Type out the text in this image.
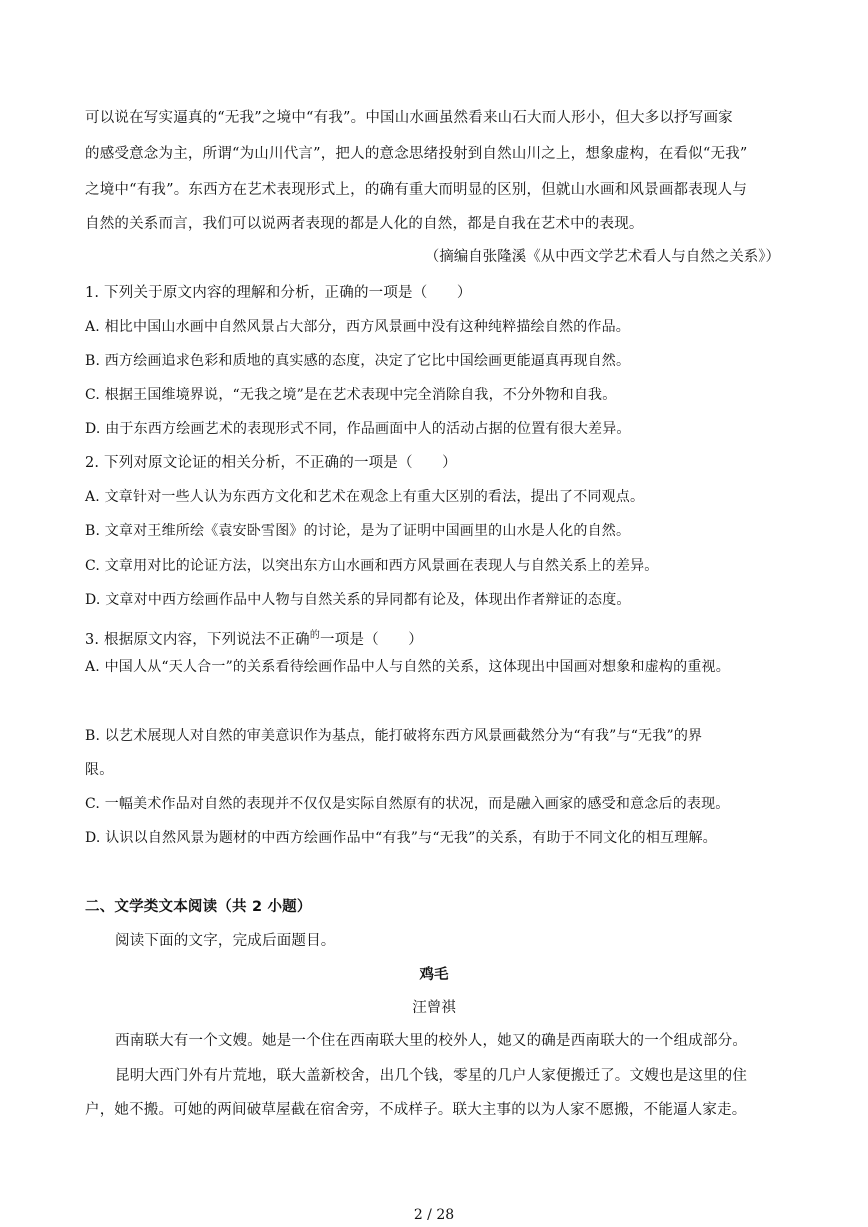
可以说在写实逼真的“无我”之境中“有我”。中国山水画虽然看来山石大而人形小，但大多以抒写画家
的感受意念为主，所谓“为山川代言”，把人的意念思绪投射到自然山川之上，想象虚构，在看似“无我”
之境中“有我”。东西方在艺术表现形式上，的确有重大而明显的区别，但就山水画和风景画都表现人与
自然的关系而言，我们可以说两者表现的都是人化的自然，都是自我在艺术中的表现。
（摘编自张隆溪《从中西文学艺术看人与自然之关系》）
1. 下列关于原文内容的理解和分析，正确的一项是（　　）
A. 相比中国山水画中自然风景占大部分，西方风景画中没有这种纯粹描绘自然的作品。
B. 西方绘画追求色彩和质地的真实感的态度，决定了它比中国绘画更能逼真再现自然。
C. 根据王国维境界说，“无我之境”是在艺术表现中完全消除自我，不分外物和自我。
D. 由于东西方绘画艺术的表现形式不同，作品画面中人的活动占据的位置有很大差异。
2. 下列对原文论证的相关分析，不正确的一项是（　　）
A. 文章针对一些人认为东西方文化和艺术在观念上有重大区别的看法，提出了不同观点。
B. 文章对王维所绘《袁安卧雪图》的讨论，是为了证明中国画里的山水是人化的自然。
C. 文章用对比的论证方法，以突出东方山水画和西方风景画在表现人与自然关系上的差异。
D. 文章对中西方绘画作品中人物与自然关系的异同都有论及，体现出作者辩证的态度。
3. 根据原文内容，下列说法不正确$^的$一项是（　　）
A. 中国人从“天人合一”的关系看待绘画作品中人与自然的关系，这体现出中国画对想象和虚构的重视。
B. 以艺术展现人对自然的审美意识作为基点，能打破将东西方风景画截然分为“有我”与“无我”的界
限。
C. 一幅美术作品对自然的表现并不仅仅是实际自然原有的状况，而是融入画家的感受和意念后的表现。
D. 认识以自然风景为题材的中西方绘画作品中“有我”与“无我”的关系，有助于不同文化的相互理解。
二、文学类文本阅读（共 2 小题）
阅读下面的文字，完成后面题目。
鸡毛
汪曾祺
西南联大有一个文嫂。她是一个住在西南联大里的校外人，她又的确是西南联大的一个组成部分。
昆明大西门外有片荒地，联大盖新校舍，出几个钱，零星的几户人家便搬迁了。文嫂也是这里的住
户，她不搬。可她的两间破草屋截在宿舍旁，不成样子。联大主事的以为人家不愿搬，不能逼人家走。
2 / 28
